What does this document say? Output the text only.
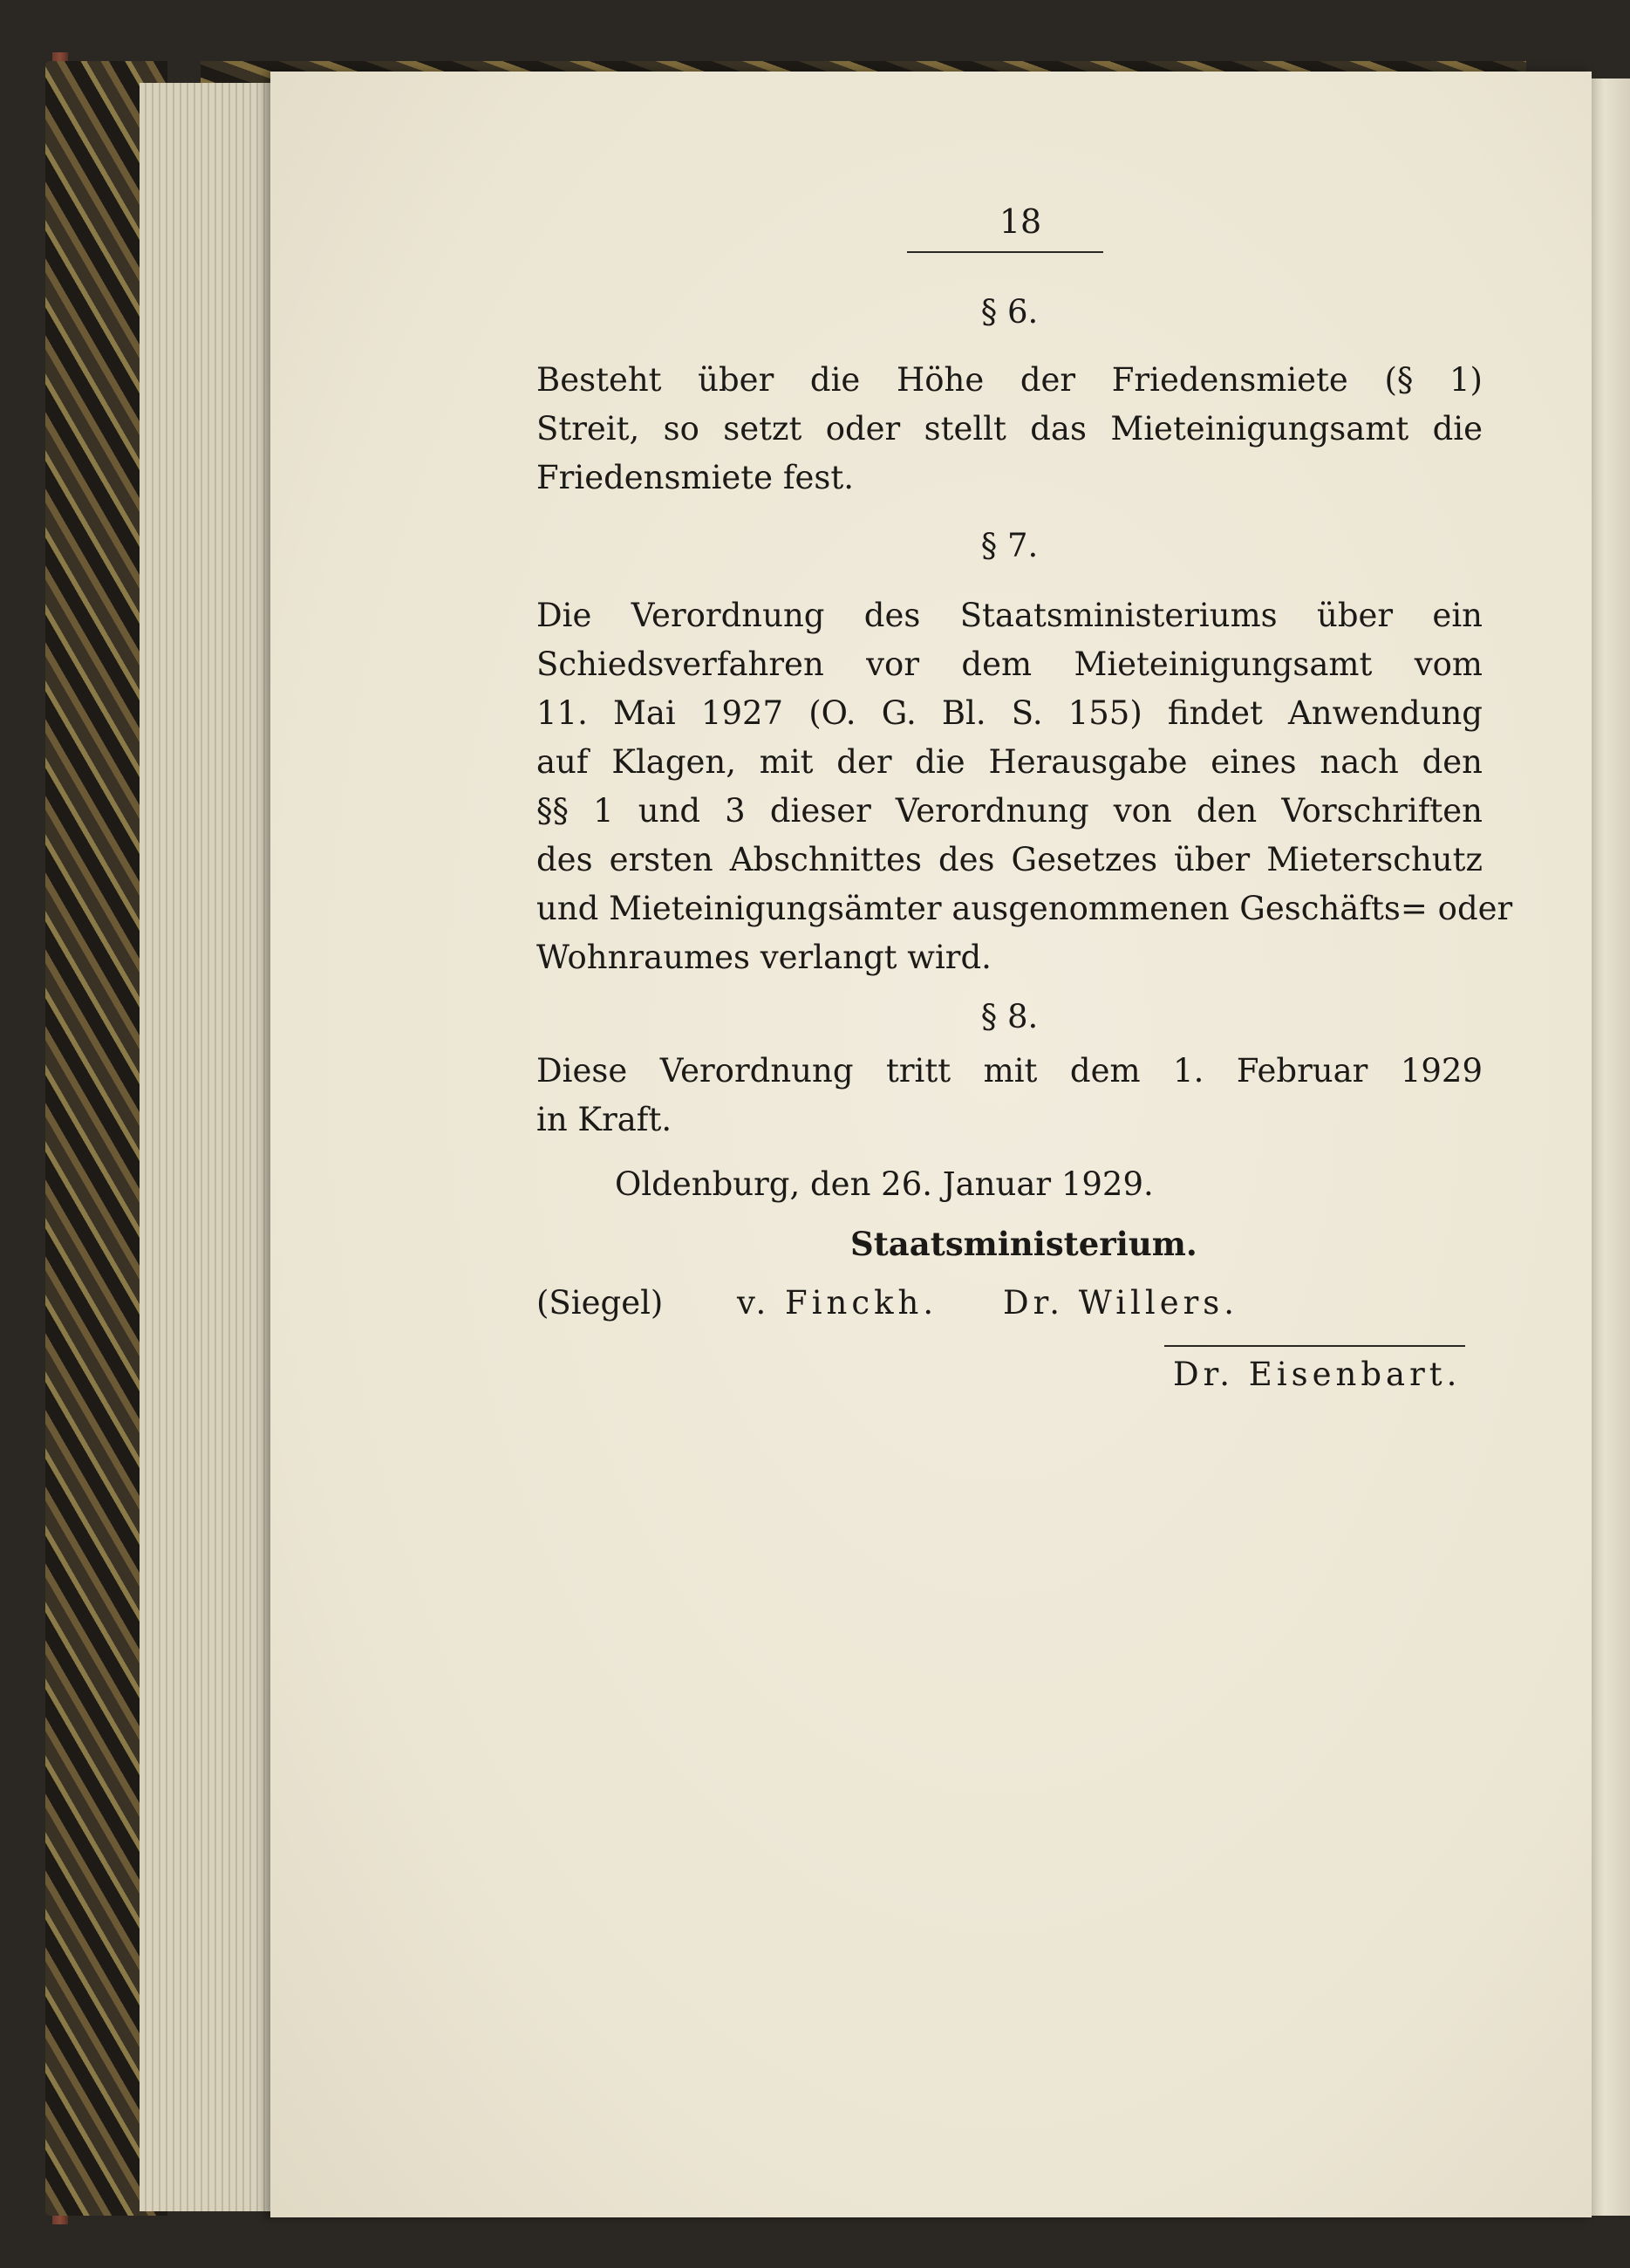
18
§ 6.
Besteht über die Höhe der Friedensmiete (§ 1)
Streit, so setzt oder stellt das Mieteinigungsamt die
Friedensmiete fest.
§ 7.
Die Verordnung des Staatsministeriums über ein
Schiedsverfahren vor dem Mieteinigungsamt vom
11. Mai 1927 (O. G. Bl. S. 155) findet Anwendung
auf Klagen, mit der die Herausgabe eines nach den
§§ 1 und 3 dieser Verordnung von den Vorschriften
des ersten Abschnittes des Gesetzes über Mieterschutz
und Mieteinigungsämter ausgenommenen Geschäfts= oder
Wohnraumes verlangt wird.
§ 8.
Diese Verordnung tritt mit dem 1. Februar 1929
in Kraft.
Oldenburg, den 26. Januar 1929.
Staatsministerium.
(Siegel)	v. Finckh.	Dr. Willers.
Dr. Eisenbart.
